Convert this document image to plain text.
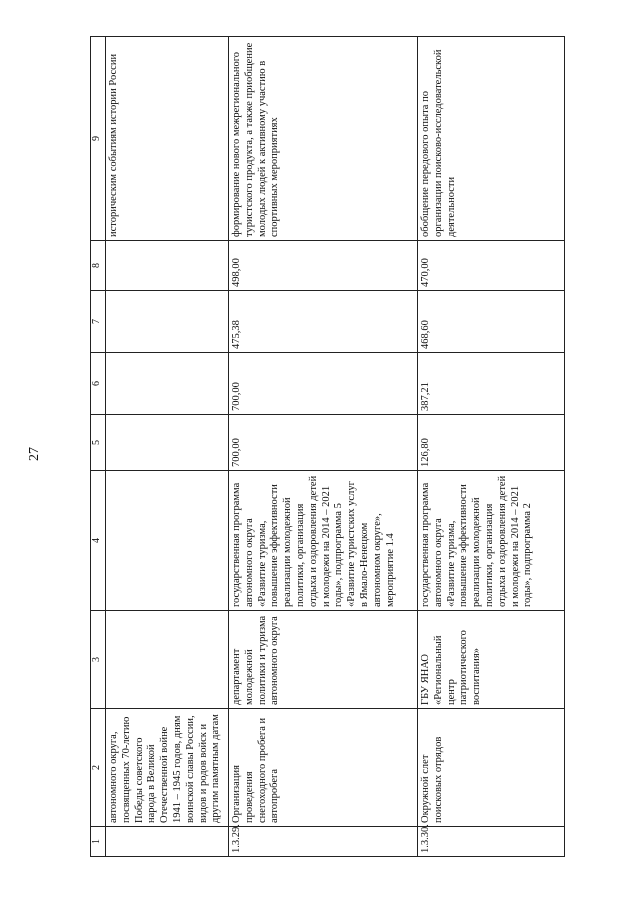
27
1	2	3	4	5	6	7	8	9
	автономного округа, посвященных 70-летию Победы советского народа в Великой Отечественной войне 1941 – 1945 годов, дням воинской славы России, видов и родов войск и другим памятным датам							историческим событиям истории России
1.3.29.	Организация проведения снегоходного пробега и автопробега	департамент молодежной политики и туризма автономного округа	государственная программа автономного округа «Развитие туризма, повышение эффективности реализации молодежной политики, организация отдыха и оздоровления детей и молодежи на 2014 – 2021 годы», подпрограмма 5 «Развитие туристских услуг в Ямало-Ненецком автономном округе», мероприятие 1.4	700,00	700,00	475,38	498,00	формирование нового межрегионального туристского продукта, а также приобщение молодых людей к активному участию в спортивных мероприятиях
1.3.30.	Окружной слет поисковых отрядов	ГБУ ЯНАО «Региональный центр патриотического воспитания»	государственная программа автономного округа «Развитие туризма, повышение эффективности реализации молодежной политики, организация отдыха и оздоровления детей и молодежи на 2014 – 2021 годы», подпрограмма 2	126,80	387,21	468,60	470,00	обобщение передового опыта по организации поисково-исследовательской деятельности
